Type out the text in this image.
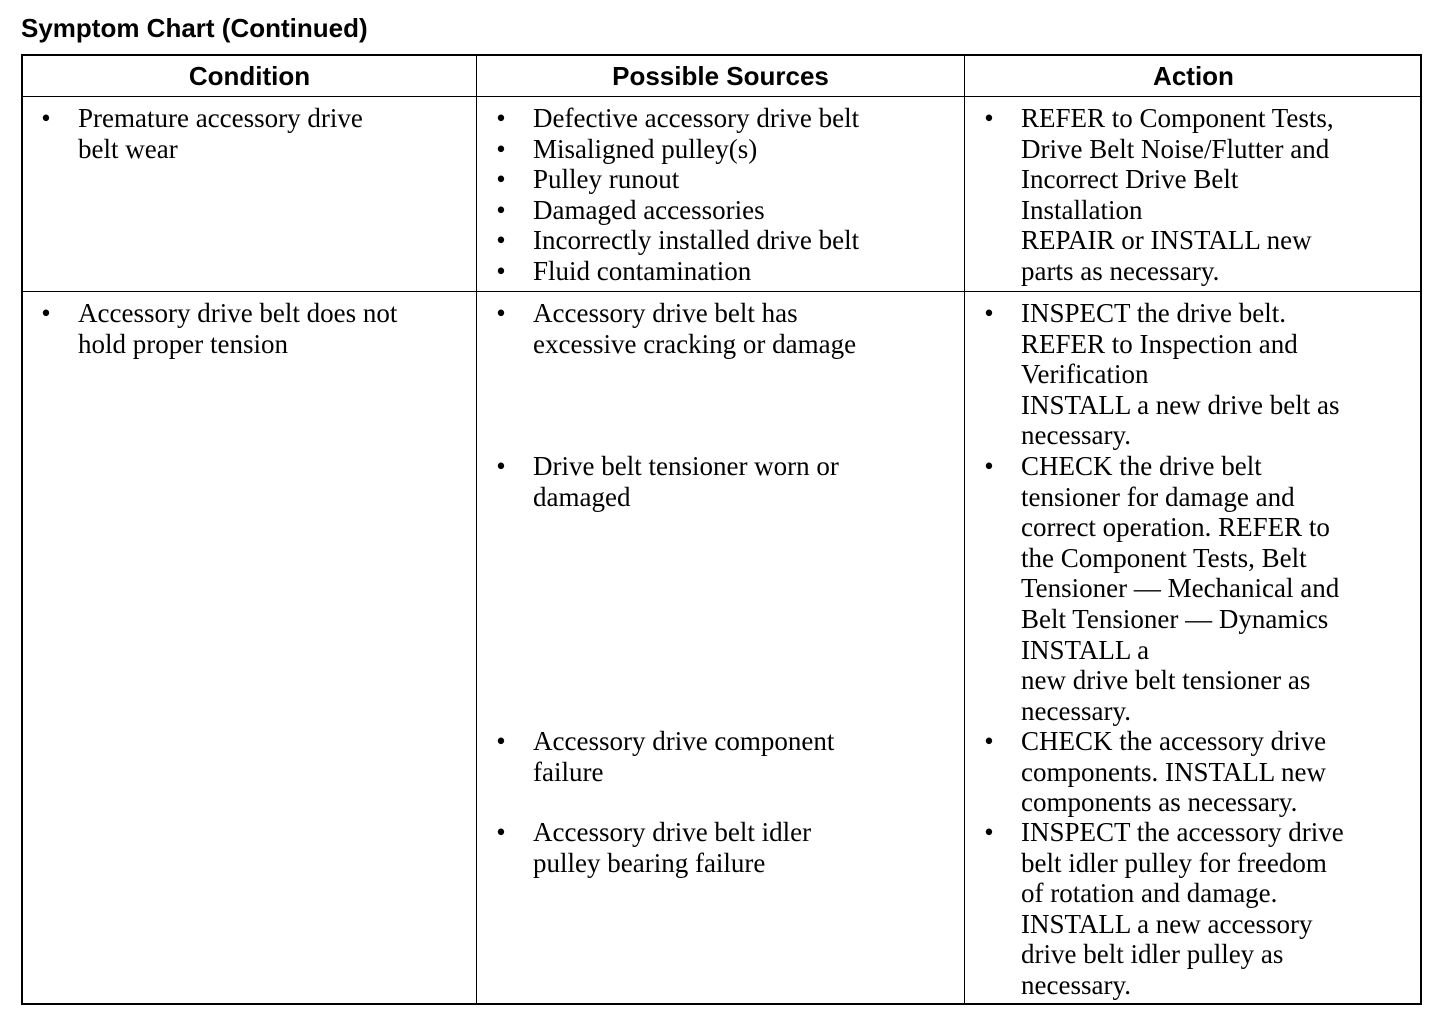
Symptom Chart (Continued)
Condition	Possible Sources	Action
• Premature accessory drive
belt wear
• Defective accessory drive belt
• Misaligned pulley(s)
• Pulley runout
• Damaged accessories
• Incorrectly installed drive belt
• Fluid contamination
• REFER to Component Tests,
Drive Belt Noise/Flutter and
Incorrect Drive Belt
Installation
REPAIR or INSTALL new
parts as necessary.
• Accessory drive belt does not
hold proper tension
• Accessory drive belt has
excessive cracking or damage
• INSPECT the drive belt.
REFER to Inspection and
Verification
INSTALL a new drive belt as
necessary.
• Drive belt tensioner worn or
damaged
• CHECK the drive belt
tensioner for damage and
correct operation. REFER to
the Component Tests, Belt
Tensioner — Mechanical and
Belt Tensioner — Dynamics
INSTALL a
new drive belt tensioner as
necessary.
• Accessory drive component
failure
• CHECK the accessory drive
components. INSTALL new
components as necessary.
• Accessory drive belt idler
pulley bearing failure
• INSPECT the accessory drive
belt idler pulley for freedom
of rotation and damage.
INSTALL a new accessory
drive belt idler pulley as
necessary.
